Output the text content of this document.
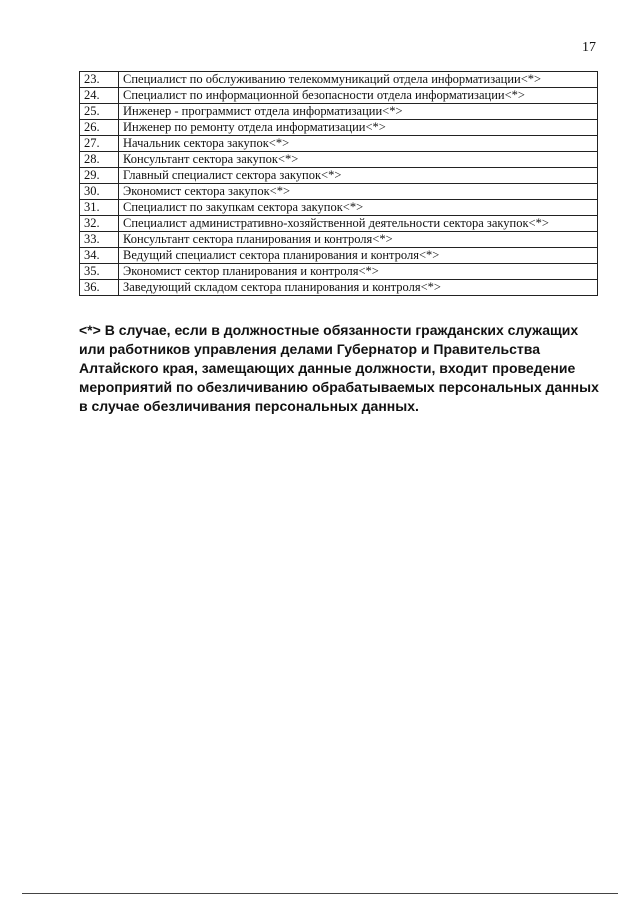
17
23.	Специалист по обслуживанию телекоммуникаций отдела информатизации<*>
24.	Специалист по информационной безопасности отдела информатизации<*>
25.	Инженер - программист отдела информатизации<*>
26.	Инженер по ремонту отдела информатизации<*>
27.	Начальник сектора закупок<*>
28.	Консультант сектора закупок<*>
29.	Главный специалист сектора закупок<*>
30.	Экономист сектора закупок<*>
31.	Специалист по закупкам сектора закупок<*>
32.	Специалист административно-хозяйственной деятельности сектора закупок<*>
33.	Консультант сектора планирования и контроля<*>
34.	Ведущий специалист сектора планирования и контроля<*>
35.	Экономист сектор планирования и контроля<*>
36.	Заведующий складом сектора планирования и контроля<*>
<*> В случае, если в должностные обязанности гражданских служащих или работников управления делами Губернатор и Правительства Алтайского края, замещающих данные должности, входит проведение мероприятий по обезличиванию обрабатываемых персональных данных в случае обезличивания персональных данных.
